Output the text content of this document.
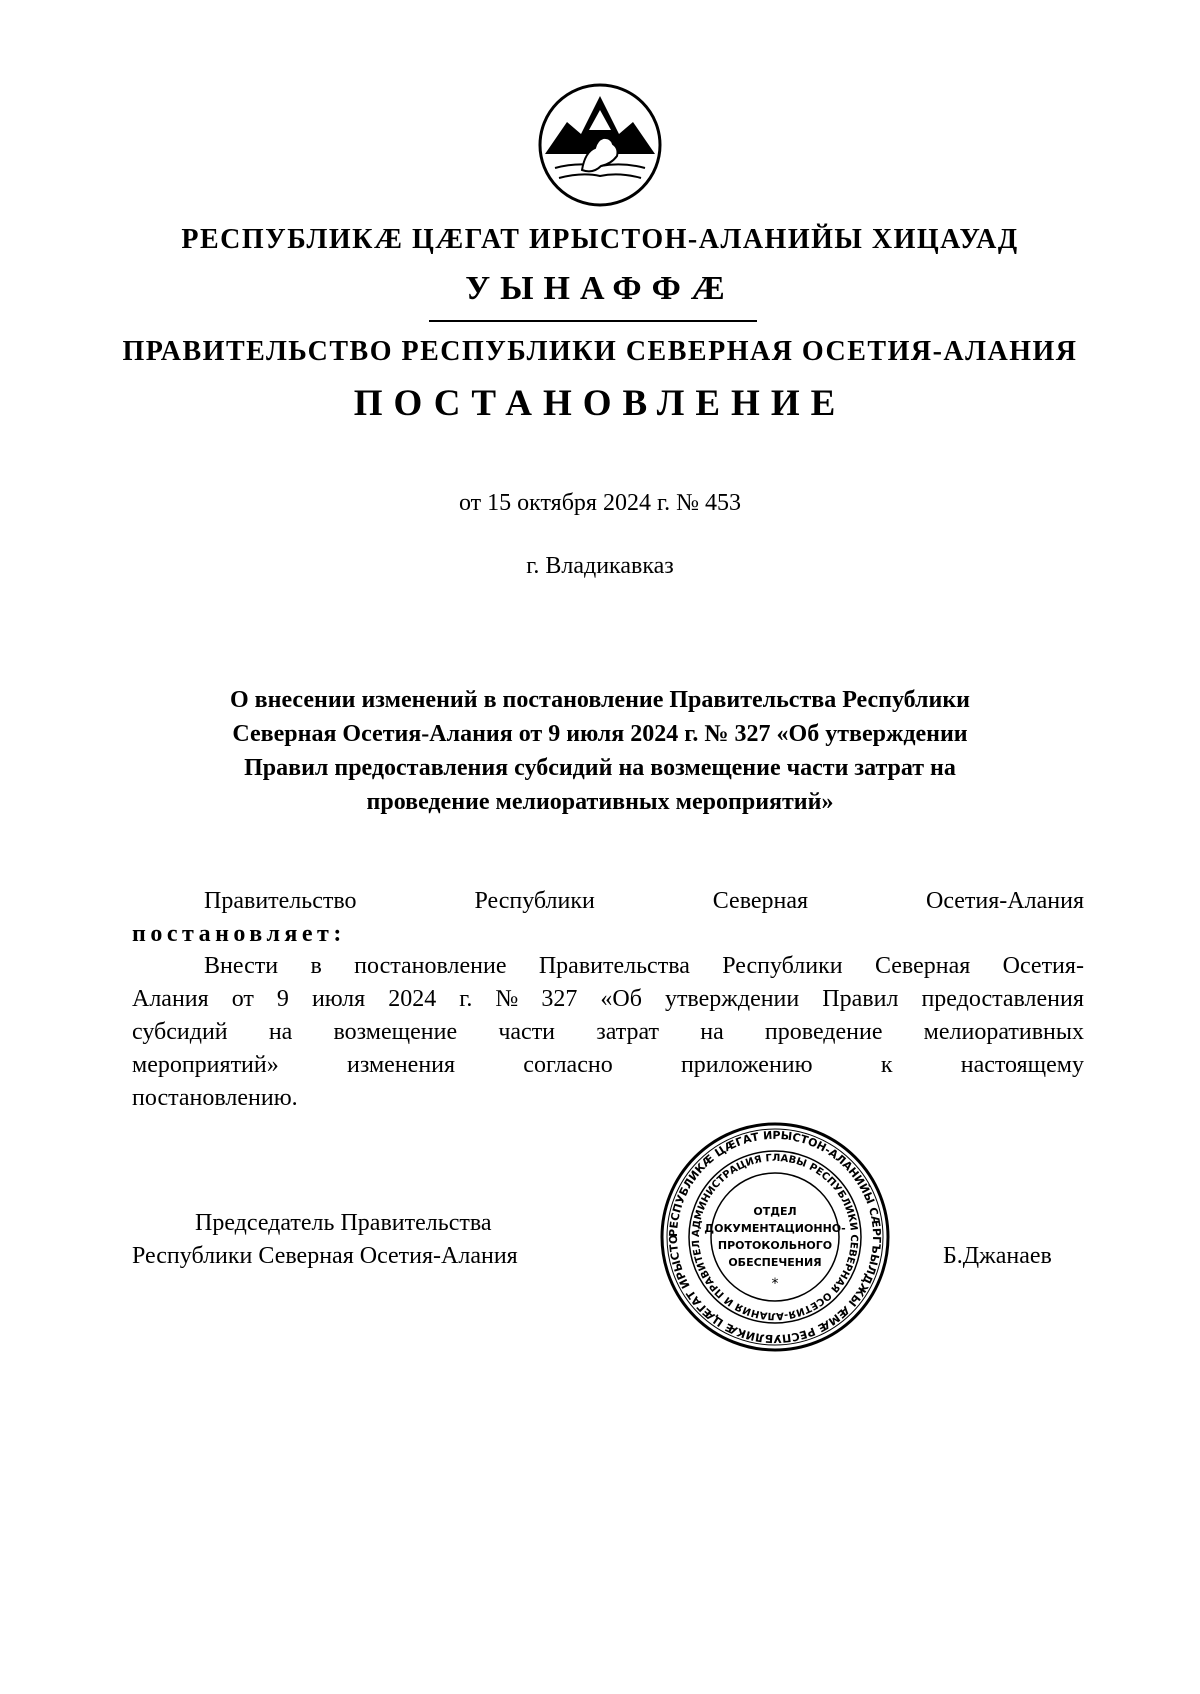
РЕСПУБЛИКÆ ЦÆГАТ ИРЫСТОН-АЛАНИЙЫ ХИЦАУАД
УЫНАФФÆ
ПРАВИТЕЛЬСТВО РЕСПУБЛИКИ СЕВЕРНАЯ ОСЕТИЯ-АЛАНИЯ
ПОСТАНОВЛЕНИЕ
от 15 октября 2024 г. № 453
г. Владикавказ
О внесении изменений в постановление Правительства Республики
Северная Осетия-Алания от 9 июля 2024 г. № 327 «Об утверждении
Правил предоставления субсидий на возмещение части затрат на
проведение мелиоративных мероприятий»
Правительство	Республики	Северная	Осетия-Алания
постановляет:
Внести в постановление Правительства Республики Северная Осетия-
Алания от 9 июля 2024 г. № 327 «Об утверждении Правил предоставления
субсидий на возмещение части затрат на проведение мелиоративных
мероприятий»	изменения	согласно	приложению	к	настоящему
постановлению.
Председатель Правительства
Республики Северная Осетия-Алания
РЕСПУБЛИКÆ ЦÆГАТ ИРЫСТОН-АЛАНИЙЫ СÆРГЪЫЛДЖЫ ÆМÆ РЕСПУБЛИКÆ ЦÆГАТ ИРЫСТО
АДМИНИСТРАЦИЯ ГЛАВЫ РЕСПУБЛИКИ СЕВЕРНАЯ ОСЕТИЯ-АЛАНИЯ И ПРАВИТЕЛ
ОТДЕЛ
ДОКУМЕНТАЦИОННО-
ПРОТОКОЛЬНОГО
ОБЕСПЕЧЕНИЯ
*
Б.Джанаев
